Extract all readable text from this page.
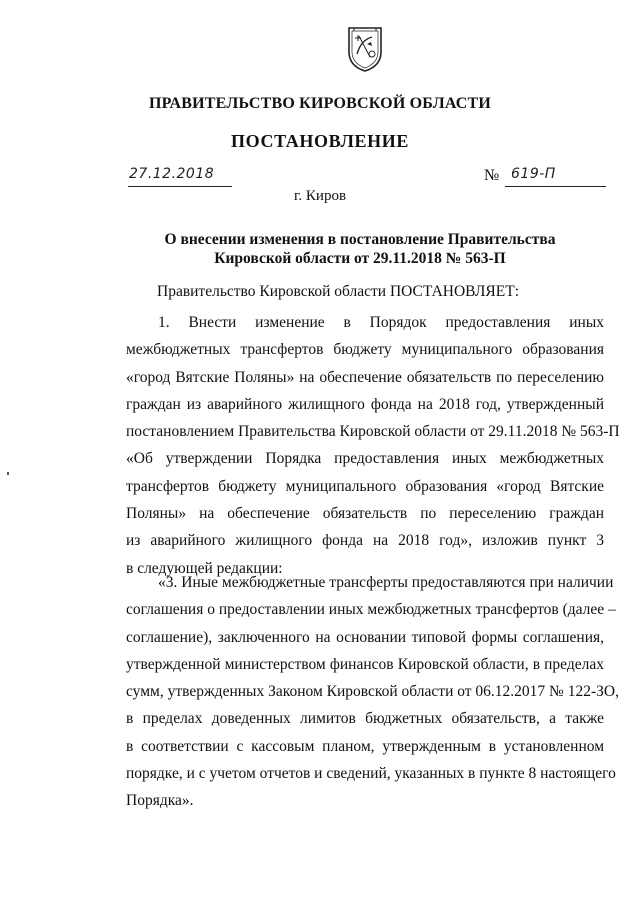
ПРАВИТЕЛЬСТВО КИРОВСКОЙ ОБЛАСТИ
ПОСТАНОВЛЕНИЕ
27.12.2018	№ 619-П
г. Киров
О внесении изменения в постановление Правительства
Кировской области от 29.11.2018 № 563-П
Правительство Кировской области ПОСТАНОВЛЯЕТ:
1. Внести изменение в Порядок предоставления иных
межбюджетных трансфертов бюджету муниципального образования
«город Вятские Поляны» на обеспечение обязательств по переселению
граждан из аварийного жилищного фонда на 2018 год, утвержденный
постановлением Правительства Кировской области от 29.11.2018 № 563-П
«Об утверждении Порядка предоставления иных межбюджетных
трансфертов бюджету муниципального образования «город Вятские
Поляны» на обеспечение обязательств по переселению граждан
из аварийного жилищного фонда на 2018 год», изложив пункт 3
в следующей редакции:
«3. Иные межбюджетные трансферты предоставляются при наличии
соглашения о предоставлении иных межбюджетных трансфертов (далее –
соглашение), заключенного на основании типовой формы соглашения,
утвержденной министерством финансов Кировской области, в пределах
сумм, утвержденных Законом Кировской области от 06.12.2017 № 122-ЗО,
в пределах доведенных лимитов бюджетных обязательств, а также
в соответствии с кассовым планом, утвержденным в установленном
порядке, и с учетом отчетов и сведений, указанных в пункте 8 настоящего
Порядка».
